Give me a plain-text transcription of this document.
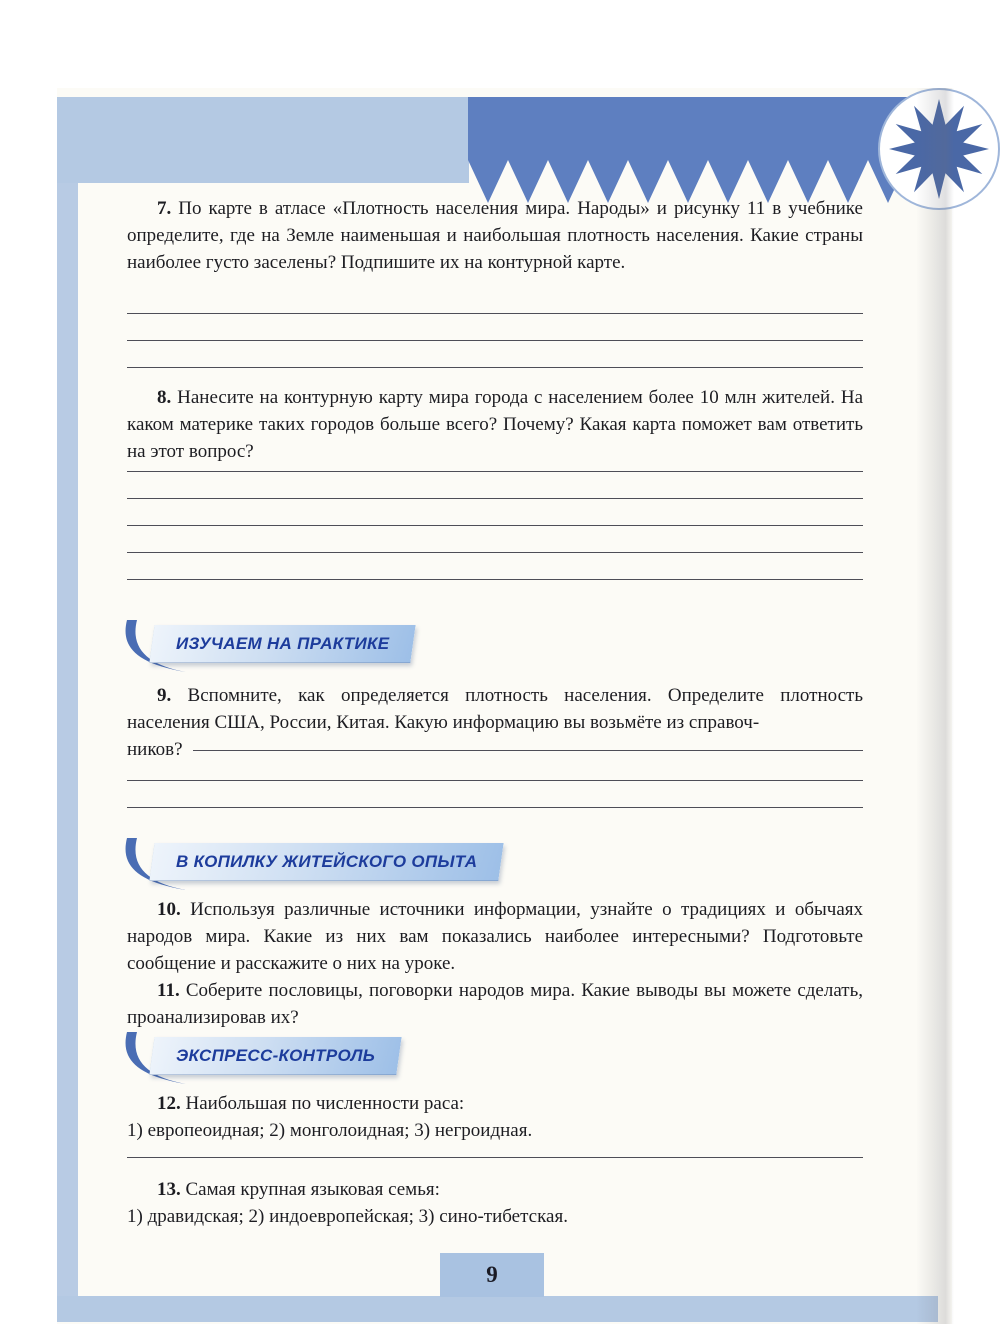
7. По карте в атласе «Плотность населения мира. Народы» и рисунку 11 в учебнике определите, где на Земле наименьшая и наибольшая плотность населения. Какие страны наиболее густо заселены? Подпишите их на контурной карте.

8. Нанесите на контурную карту мира города с населением более 10 млн жителей. На каком материке таких городов больше всего? Почему? Какая карта поможет вам ответить на этот вопрос?

ИЗУЧАЕМ НА ПРАКТИКЕ

9. Вспомните, как определяется плотность населения. Определите плотность населения США, России, Китая. Какую информацию вы возьмёте из справоч-

ников?
В КОПИЛКУ ЖИТЕЙСКОГО ОПЫТА

10. Используя различные источники информации, узнайте о традициях и обычаях народов мира. Какие из них вам показались наиболее интересными? Подготовьте сообщение и расскажите о них на уроке.

11. Соберите пословицы, поговорки народов мира. Какие выводы вы можете сделать, проанализировав их?

ЭКСПРЕСС-КОНТРОЛЬ

12. Наибольшая по численности раса:

1) европеоидная; 2) монголоидная; 3) негроидная.

13. Самая крупная языковая семья:

1) дравидская; 2) индоевропейская; 3) сино-тибетская.

9
